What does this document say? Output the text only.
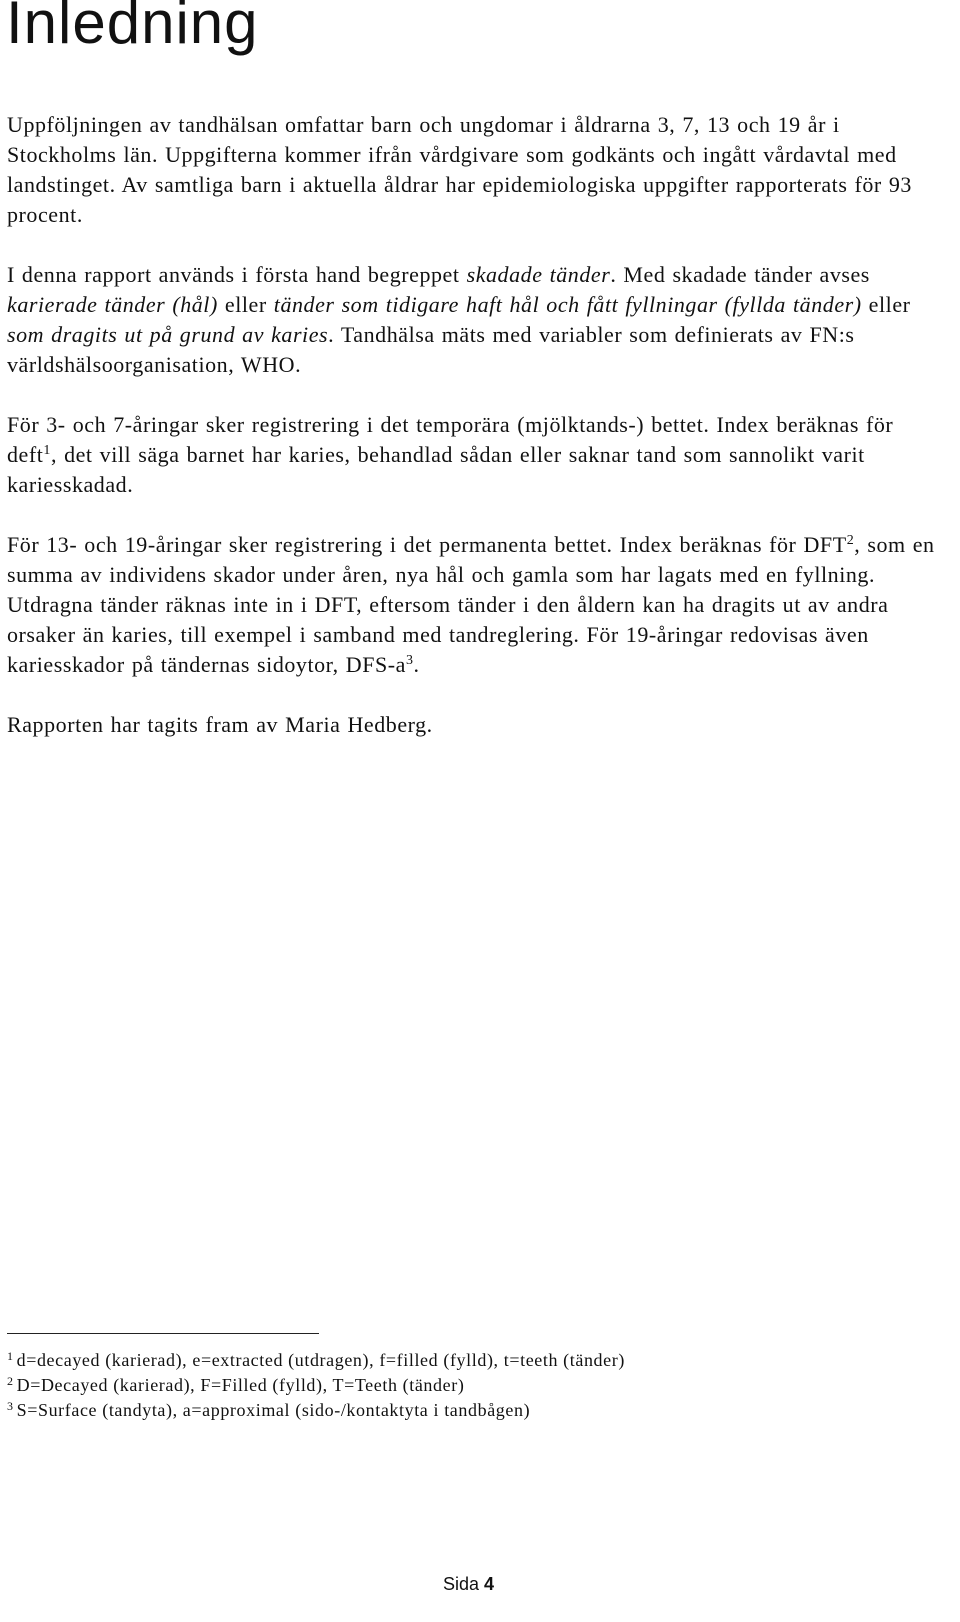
Inledning

Uppföljningen av tandhälsan omfattar barn och ungdomar i åldrarna 3, 7, 13 och 19 år i Stockholms län. Uppgifterna kommer ifrån vårdgivare som godkänts och ingått vårdavtal med landstinget. Av samtliga barn i aktuella åldrar har epidemiologiska uppgifter rapporterats för 93 procent.

I denna rapport används i första hand begreppet skadade tänder. Med skadade tänder avses karierade tänder (hål) eller tänder som tidigare haft hål och fått fyllningar (fyllda tänder) eller som dragits ut på grund av karies. Tandhälsa mäts med variabler som definierats av FN:s världshälsoorganisation, WHO.

För 3- och 7-åringar sker registrering i det temporära (mjölktands-) bettet. Index beräknas för deft$^1$, det vill säga barnet har karies, behandlad sådan eller saknar tand som sannolikt varit kariesskadad.

För 13- och 19-åringar sker registrering i det permanenta bettet. Index beräknas för DFT$^2$, som en summa av individens skador under åren, nya hål och gamla som har lagats med en fyllning. Utdragna tänder räknas inte in i DFT, eftersom tänder i den åldern kan ha dragits ut av andra orsaker än karies, till exempel i samband med tandreglering. För 19-åringar redovisas även kariesskador på tändernas sidoytor, DFS-$a^3$.

Rapporten har tagits fram av Maria Hedberg.

$^1$ d=decayed (karierad), e=extracted (utdragen), f=filled (fylld), t=teeth (tänder)

$^2$ D=Decayed (karierad), F=Filled (fylld), T=Teeth (tänder)

$^3$ S=Surface (tandyta), a=approximal (sido-/kontaktyta i tandbågen)

Sida 4
